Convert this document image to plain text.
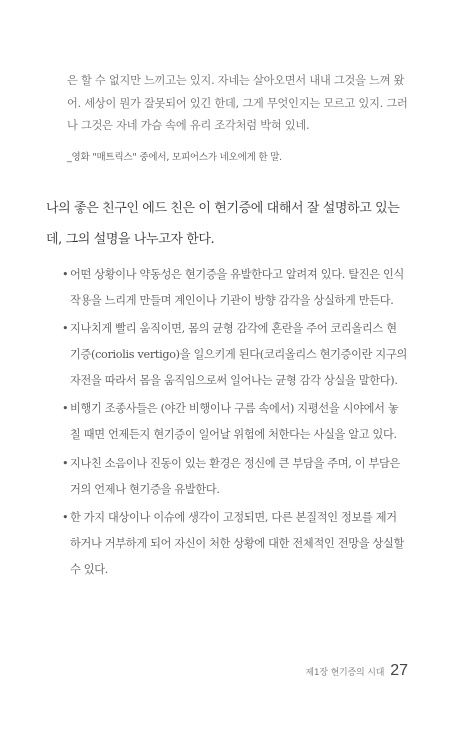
은 할 수 없지만 느끼고는 있지. 자네는 살아오면서 내내 그것을 느껴 왔

어. 세상이 뭔가 잘못되어 있긴 한데, 그게 무엇인지는 모르고 있지. 그러

나 그것은 자네 가슴 속에 유리 조각처럼 박혀 있네.

_영화 "매트릭스" 중에서, 모피어스가 네오에게 한 말.

나의 좋은 친구인 에드 친은 이 현기증에 대해서 잘 설명하고 있는

데, 그의 설명을 나누고자 한다.

• 어떤 상황이나 약동성은 현기증을 유발한다고 알려져 있다. 탈진은 인식 작용을 느리게 만들며 계인이나 기관이 방향 감각을 상실하게 만든다.
• 지나치게 빨리 움직이면, 몸의 균형 감각에 혼란을 주어 코리올리스 현기증(coriolis vertigo)을 일으키게 된다(코리올리스 현기증이란 지구의 자전을 따라서 몸을 움직임으로써 일어나는 균형 감각 상실을 말한다).
• 비행기 조종사들은 (야간 비행이나 구름 속에서) 지평선을 시야에서 놓칠 때면 언제든지 현기증이 일어날 위험에 처한다는 사실을 알고 있다.
• 지나친 소음이나 진동이 있는 환경은 정신에 큰 부담을 주며, 이 부담은 거의 언제나 현기증을 유발한다.
• 한 가지 대상이나 이슈에 생각이 고정되면, 다른 본질적인 정보를 제거하거나 거부하게 되어 자신이 처한 상황에 대한 전체적인 전망을 상실할 수 있다.
제1장 현기증의 시대 27
